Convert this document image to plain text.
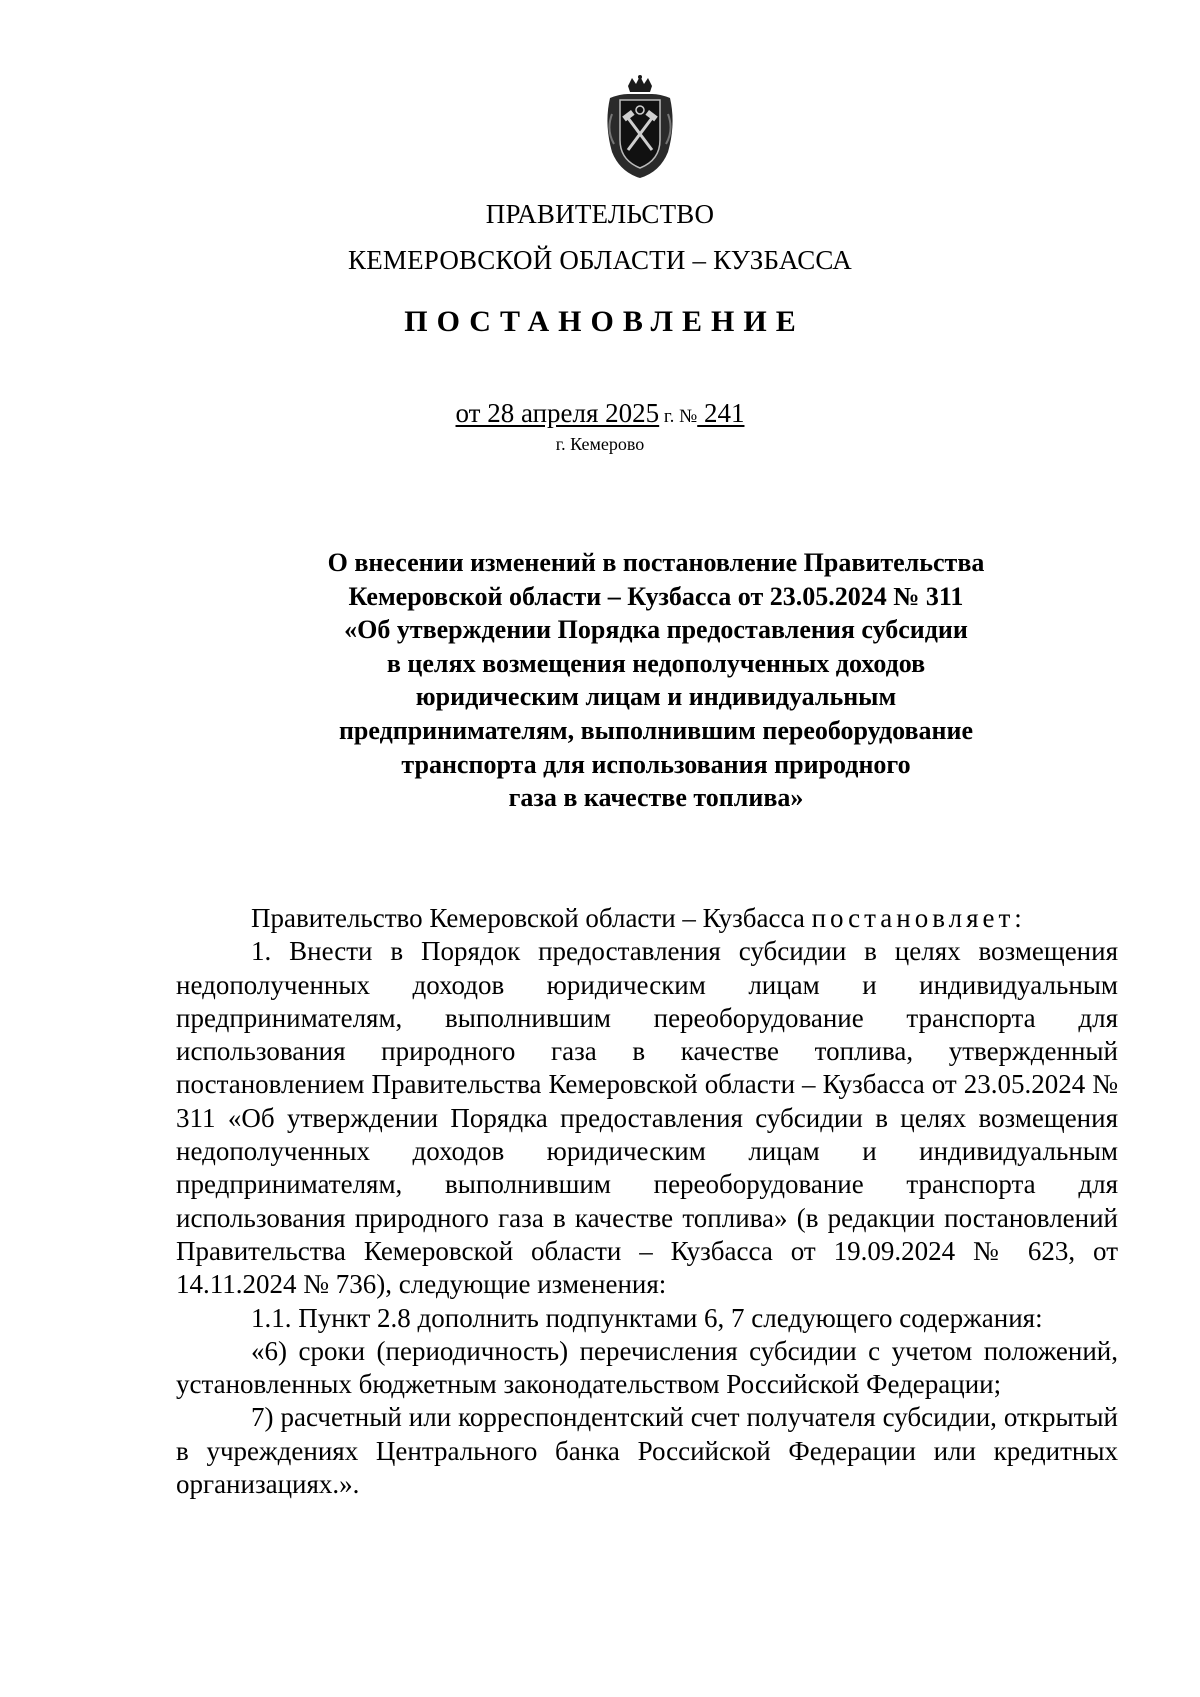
ПРАВИТЕЛЬСТВО
КЕМЕРОВСКОЙ ОБЛАСТИ – КУЗБАССА
ПОСТАНОВЛЕНИЕ
от 28 апреля 2025 г. № 241
г. Кемерово
О внесении изменений в постановление Правительства
Кемеровской области – Кузбасса от 23.05.2024 № 311
«Об утверждении Порядка предоставления субсидии
в целях возмещения недополученных доходов
юридическим лицам и индивидуальным
предпринимателям, выполнившим переоборудование
транспорта для использования природного
газа в качестве топлива»

Правительство Кемеровской области – Кузбасса постановляет:

1. Внести в Порядок предоставления субсидии в целях возмещения недополученных доходов юридическим лицам и индивидуальным предпринимателям, выполнившим переоборудование транспорта для использования природного газа в качестве топлива, утвержденный постановлением Правительства Кемеровской области – Кузбасса от 23.05.2024 № 311 «Об утверждении Порядка предоставления субсидии в целях возмещения недополученных доходов юридическим лицам и индивидуальным предпринимателям, выполнившим переоборудование транспорта для использования природного газа в качестве топлива» (в редакции постановлений Правительства Кемеровской области – Кузбасса от 19.09.2024 № 623, от 14.11.2024 № 736), следующие изменения:

1.1. Пункт 2.8 дополнить подпунктами 6, 7 следующего содержания:

«6) сроки (периодичность) перечисления субсидии с учетом положений, установленных бюджетным законодательством Российской Федерации;

7) расчетный или корреспондентский счет получателя субсидии, открытый в учреждениях Центрального банка Российской Федерации или кредитных организациях.».
